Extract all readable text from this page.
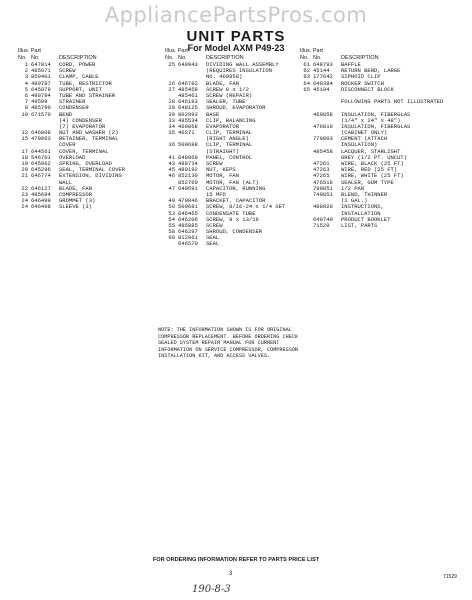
AppliancePartsPros.com
UNIT PARTS
For Model AXM P49-23
Illus. Part
No. No.	DESCRIPTION
1 647814	CORD, POWER
2 485971	SCREW
3 850401	CLAMP, CABLE
4 480797	TUBE, RESTRICTOR
5 645879	SUPPORT, UNIT
6 480794	TUBE AND STRAINER
7 49599	STRAINER
8 485790	CONDENSER
10 671570	BEND
(4) CONDENSER
(7) EVAPORATOR
12 646808	NUT AND WASHER (2)
15 479063	RETAINER, TERMINAL
COVER
17 644561	COVER, TERMINAL
18 546701	OVERLOAD
19 645962	SPRING, OVERLOAD
20 645296	SEAL, TERMINAL COVER
21 646774	EXTENSION, DIVIDING
WALL
22 646127	BLADE, FAN
23 485694	COMPRESSOR
24 646499	GROMMET (3)
24 646498	SLEEVE (3)
Illus. Part
No. No.	DESCRIPTION
25 648943	DIVIDING WALL ASSEMBLY
(REQUIRES INSULATION
NO. 469858)
26 646782	BLADE, FAN
27 485459	SCREW 8 x 1/2
485461	SCREW (REPAIR)
28 646183	SEALER, TUBE
29 648125	SHROUD, EVAPORATOR
30 802993	BASE
33 485534	CLIP, BALANCING
34 469868	EVAPORATOR
35 46271	CLIP, TERMINAL
(RIGHT ANGLE)
36 509688	CLIP, TERMINAL
(STRAIGHT)
41 648969	PANEL, CONTROL
43 488734	SCREW
45 489192	NUT, KEPS
46 852130	MOTOR, FAN
852760	MOTOR, FAN (ALT)
47 640591	CAPACITOR, RUNNING
15 MFD
49 479846	BRACKET, CAPACITOR
50 509681	SCREW, 8/16-24 x 1/4 SET
53 646465	CONDENSATE TUBE
54 646206	SCREW, 8 x 13/16
55 485985	SCREW
58 646297	SHROUD, CONDENSER
60 812061	SEAL
646570	SEAL
Illus. Part
No. No.	DESCRIPTION
61 648793	BAFFLE
62 45144	RETURN BEND, LARGE
63 177642	SIPHOID CLIP
64 649384	ROCKER SWITCH
65 45194	DISCONNECT BLOCK
FOLLOWING PARTS NOT ILLUSTRATED
469858	INSULATION, FIBERGLAS
(1/4" x 24" x 48")
476810	INSULATION, FIBERGLAS
(CABINET ONLY)
779803	CEMENT (ATTACH
INSULATION)
485458	LACQUER, STARLIGHT
GREY (1/2 PT. UNCUT)
47261	WIRE, BLACK (25 FT)
47263	WIRE, RED (25 FT)
47265	WIRE, WHITE (25 FT)
476518	SEALER, GUM TYPE
799851	1/2 PAN
749851	BLEND, THINNER
(1 GAL.)
488920	INSTRUCTIONS,
INSTALLATION
640740	PRODUCT BOOKLET
71529	LIST, PARTS
NOTE: THE INFORMATION SHOWN IS FOR ORIGINAL COMPRESSOR REPLACEMENT. BEFORE ORDERING CHECK SEALED SYSTEM REPAIR MANUAL FOR CURRENT INFORMATION ON SERVICE COMPRESSOR, COMPRESSOR INSTALLATION KIT, AND ACCESS VALVES.
FOR ORDERING INFORMATION REFER TO PARTS PRICE LIST
3	71529
190-8-3
